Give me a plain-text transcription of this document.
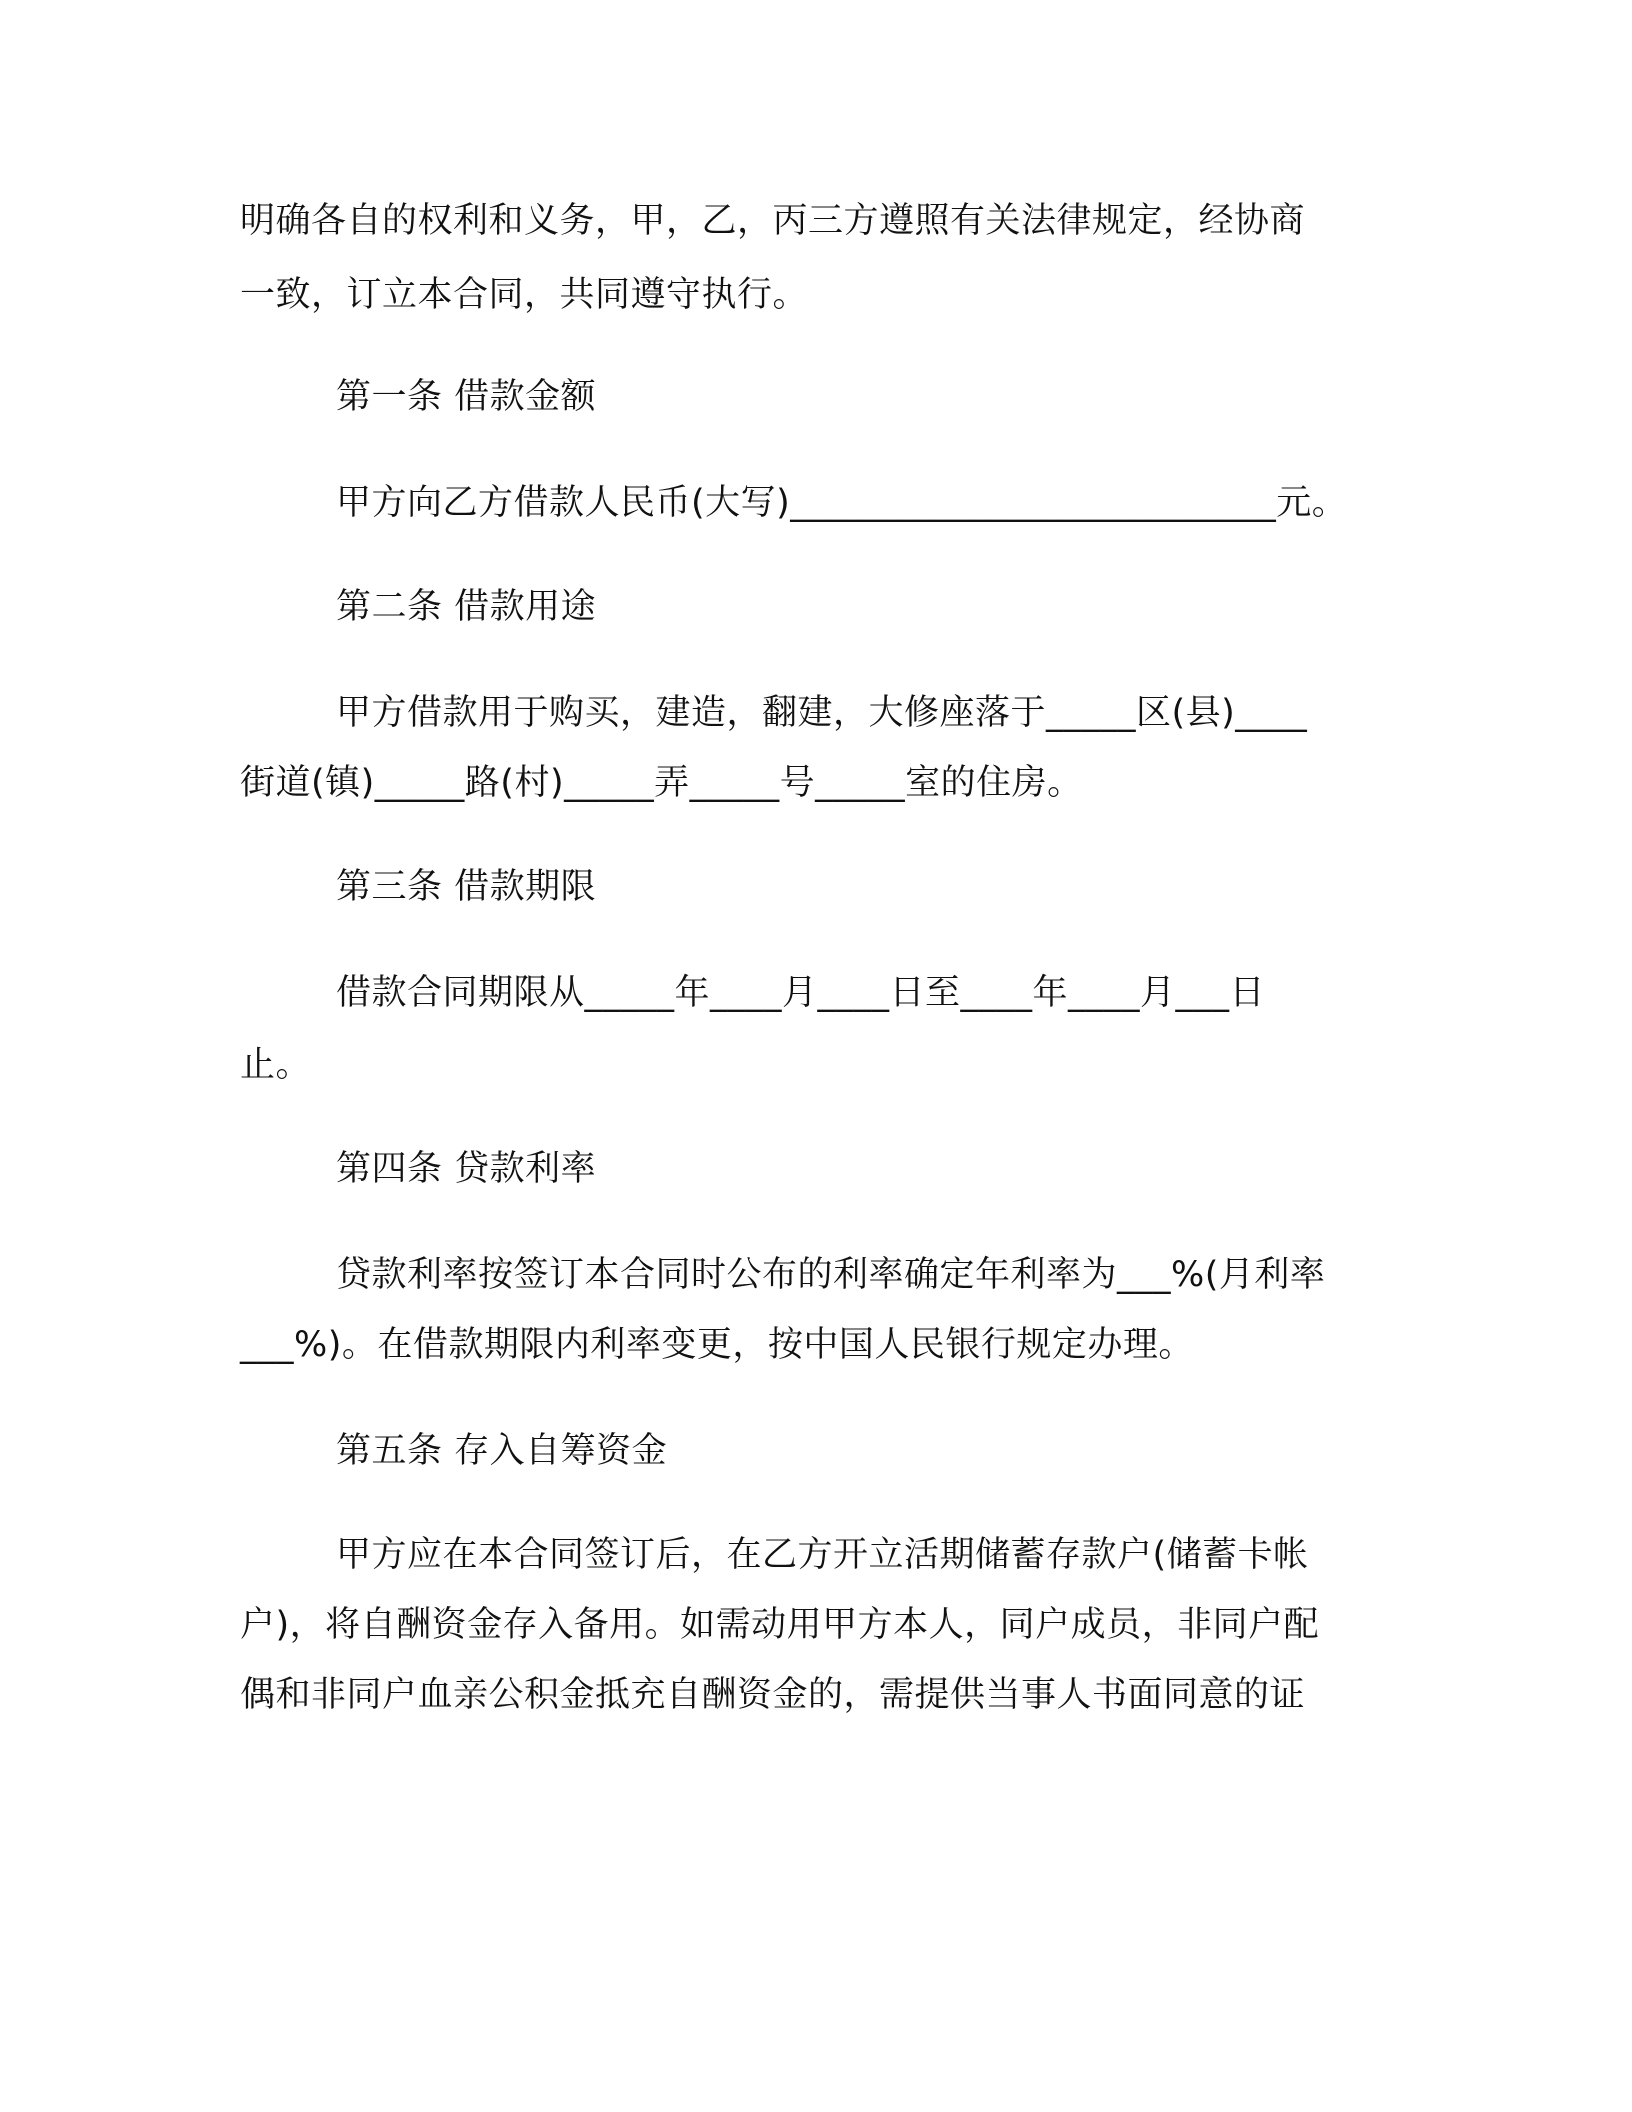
明确各自的权利和义务，甲，乙，丙三方遵照有关法律规定，经协商

一致，订立本合同，共同遵守执行。

第一条 借款金额

甲方向乙方借款人民币(大写)___________________________元。

第二条 借款用途

甲方借款用于购买，建造，翻建，大修座落于_____区(县)____

街道(镇)_____路(村)_____弄_____号_____室的住房。

第三条 借款期限

借款合同期限从_____年____月____日至____年____月___日

止。

第四条 贷款利率

贷款利率按签订本合同时公布的利率确定年利率为___%(月利率

___%)。在借款期限内利率变更，按中国人民银行规定办理。

第五条 存入自筹资金

甲方应在本合同签订后，在乙方开立活期储蓄存款户(储蓄卡帐

户)，将自酬资金存入备用。如需动用甲方本人，同户成员，非同户配

偶和非同户血亲公积金抵充自酬资金的，需提供当事人书面同意的证
